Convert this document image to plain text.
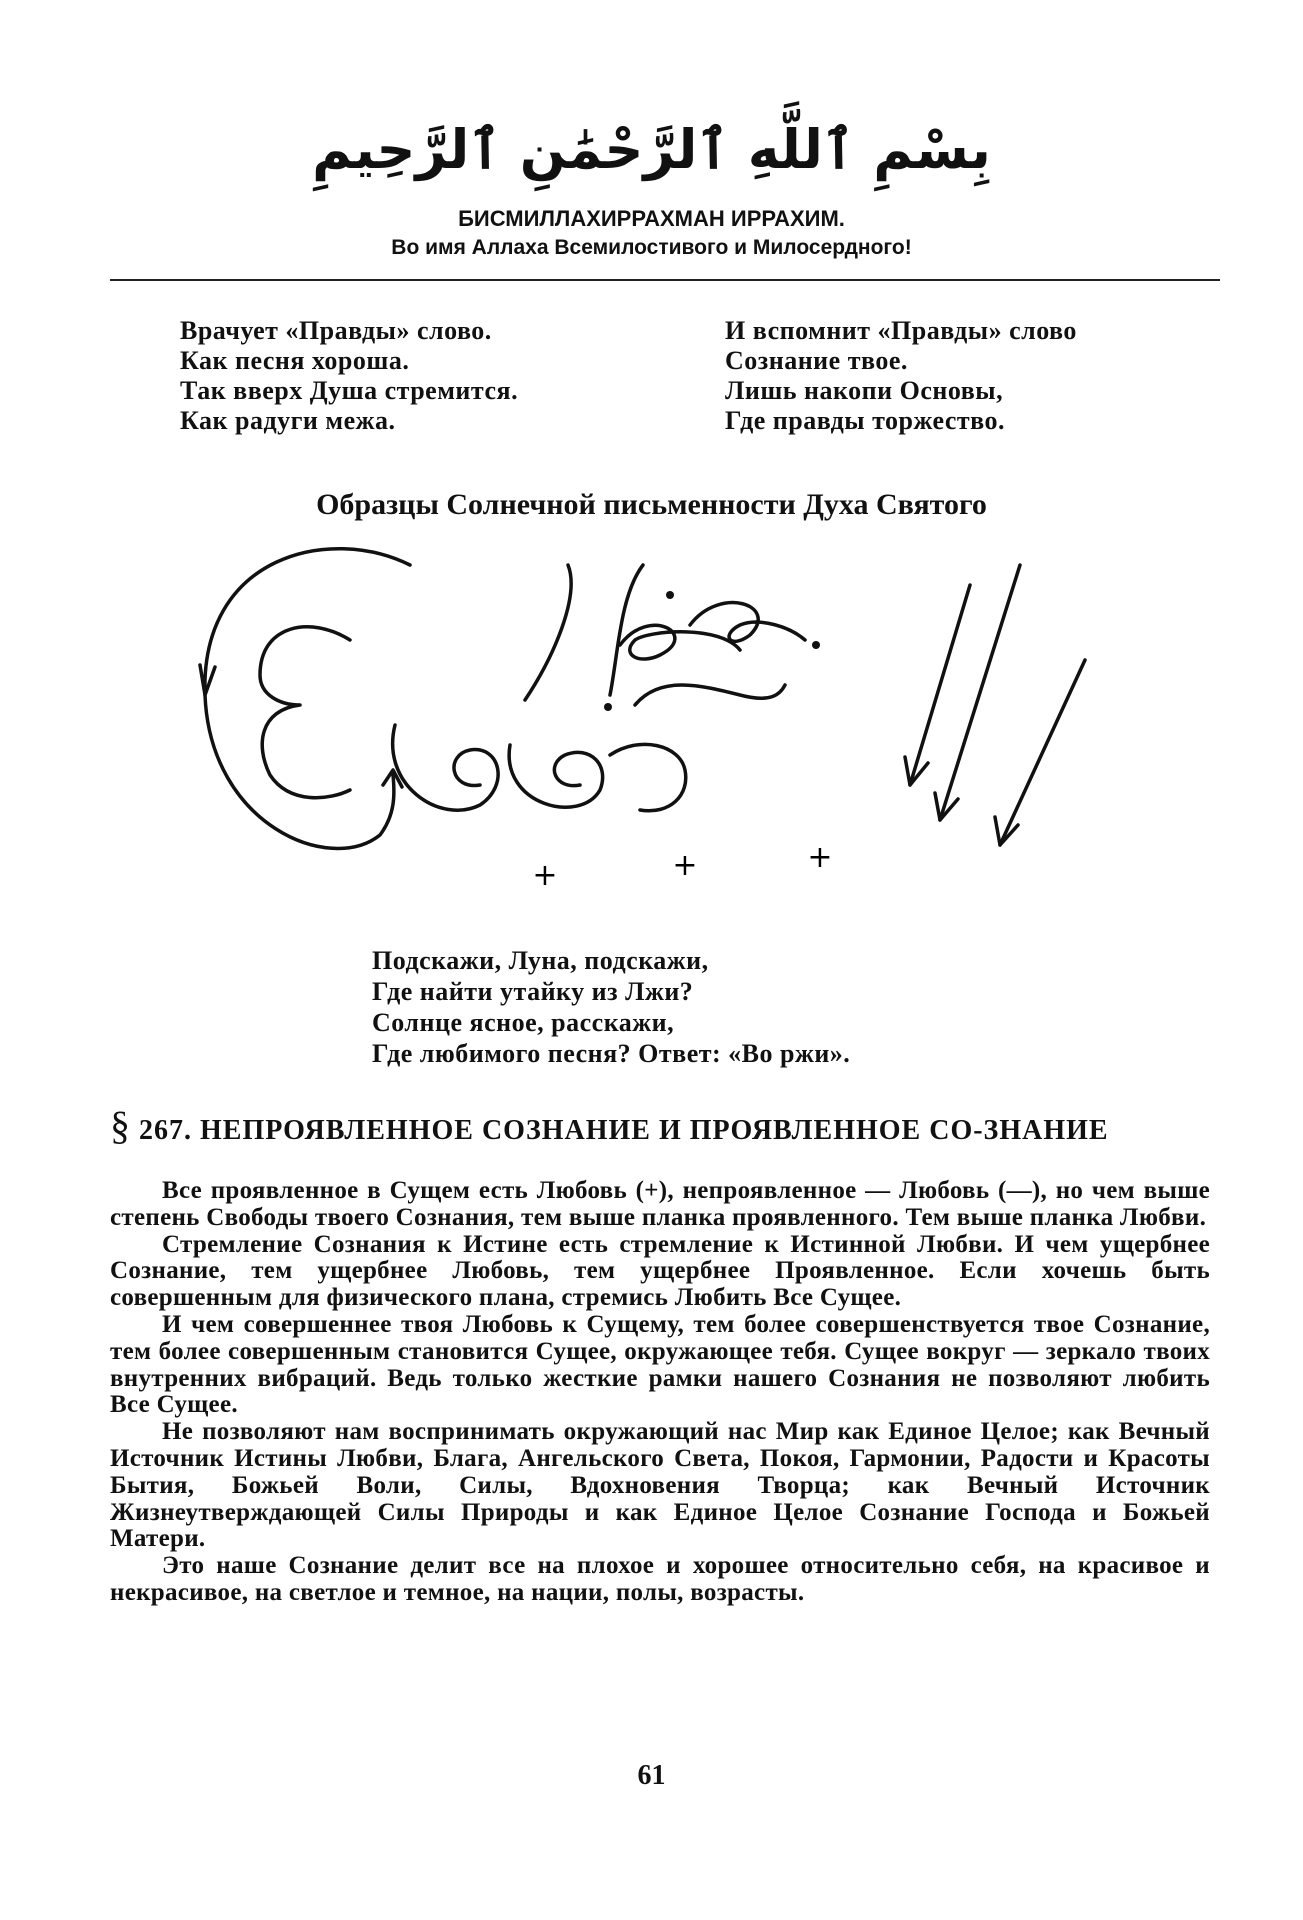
بِسْمِ ٱللَّهِ ٱلرَّحْمَٰنِ ٱلرَّحِيمِ
БИСМИЛЛАХИРРАХМАН ИРРАХИМ.
Во имя Аллаха Всемилостивого и Милосердного!
Врачует «Правды» слово.
Как песня хороша.
Так вверх Душа стремится.
Как радуги межа.
И вспомнит «Правды» слово
Сознание твое.
Лишь накопи Основы,
Где правды торжество.
Образцы Солнечной письменности Духа Святого
+	+	+
Подскажи, Луна, подскажи,
Где найти утайку из Лжи?
Солнце ясное, расскажи,
Где любимого песня? Ответ: «Во ржи».
§ 267. НЕПРОЯВЛЕННОЕ СОЗНАНИЕ И ПРОЯВЛЕННОЕ СО-ЗНАНИЕ

Все проявленное в Сущем есть Любовь (+), непроявленное — Любовь (—), но чем выше степень Свободы твоего Сознания, тем выше планка проявленного. Тем выше планка Любви.

Стремление Сознания к Истине есть стремление к Истинной Любви. И чем ущербнее Сознание, тем ущербнее Любовь, тем ущербнее Проявленное. Если хочешь быть совершенным для физического плана, стремись Любить Все Сущее.

И чем совершеннее твоя Любовь к Сущему, тем более совершенствуется твое Сознание, тем более совершенным становится Сущее, окружающее тебя. Сущее вокруг — зеркало твоих внутренних вибраций. Ведь только жесткие рамки нашего Сознания не позволяют любить Все Сущее.

Не позволяют нам воспринимать окружающий нас Мир как Единое Целое; как Вечный Источник Истины Любви, Блага, Ангельского Света, Покоя, Гармонии, Радости и Красоты Бытия, Божьей Воли, Силы, Вдохновения Творца; как Вечный Источник Жизнеутверждающей Силы Природы и как Единое Целое Сознание Господа и Божьей Матери.

Это наше Сознание делит все на плохое и хорошее относительно себя, на красивое и некрасивое, на светлое и темное, на нации, полы, возрасты.

61
